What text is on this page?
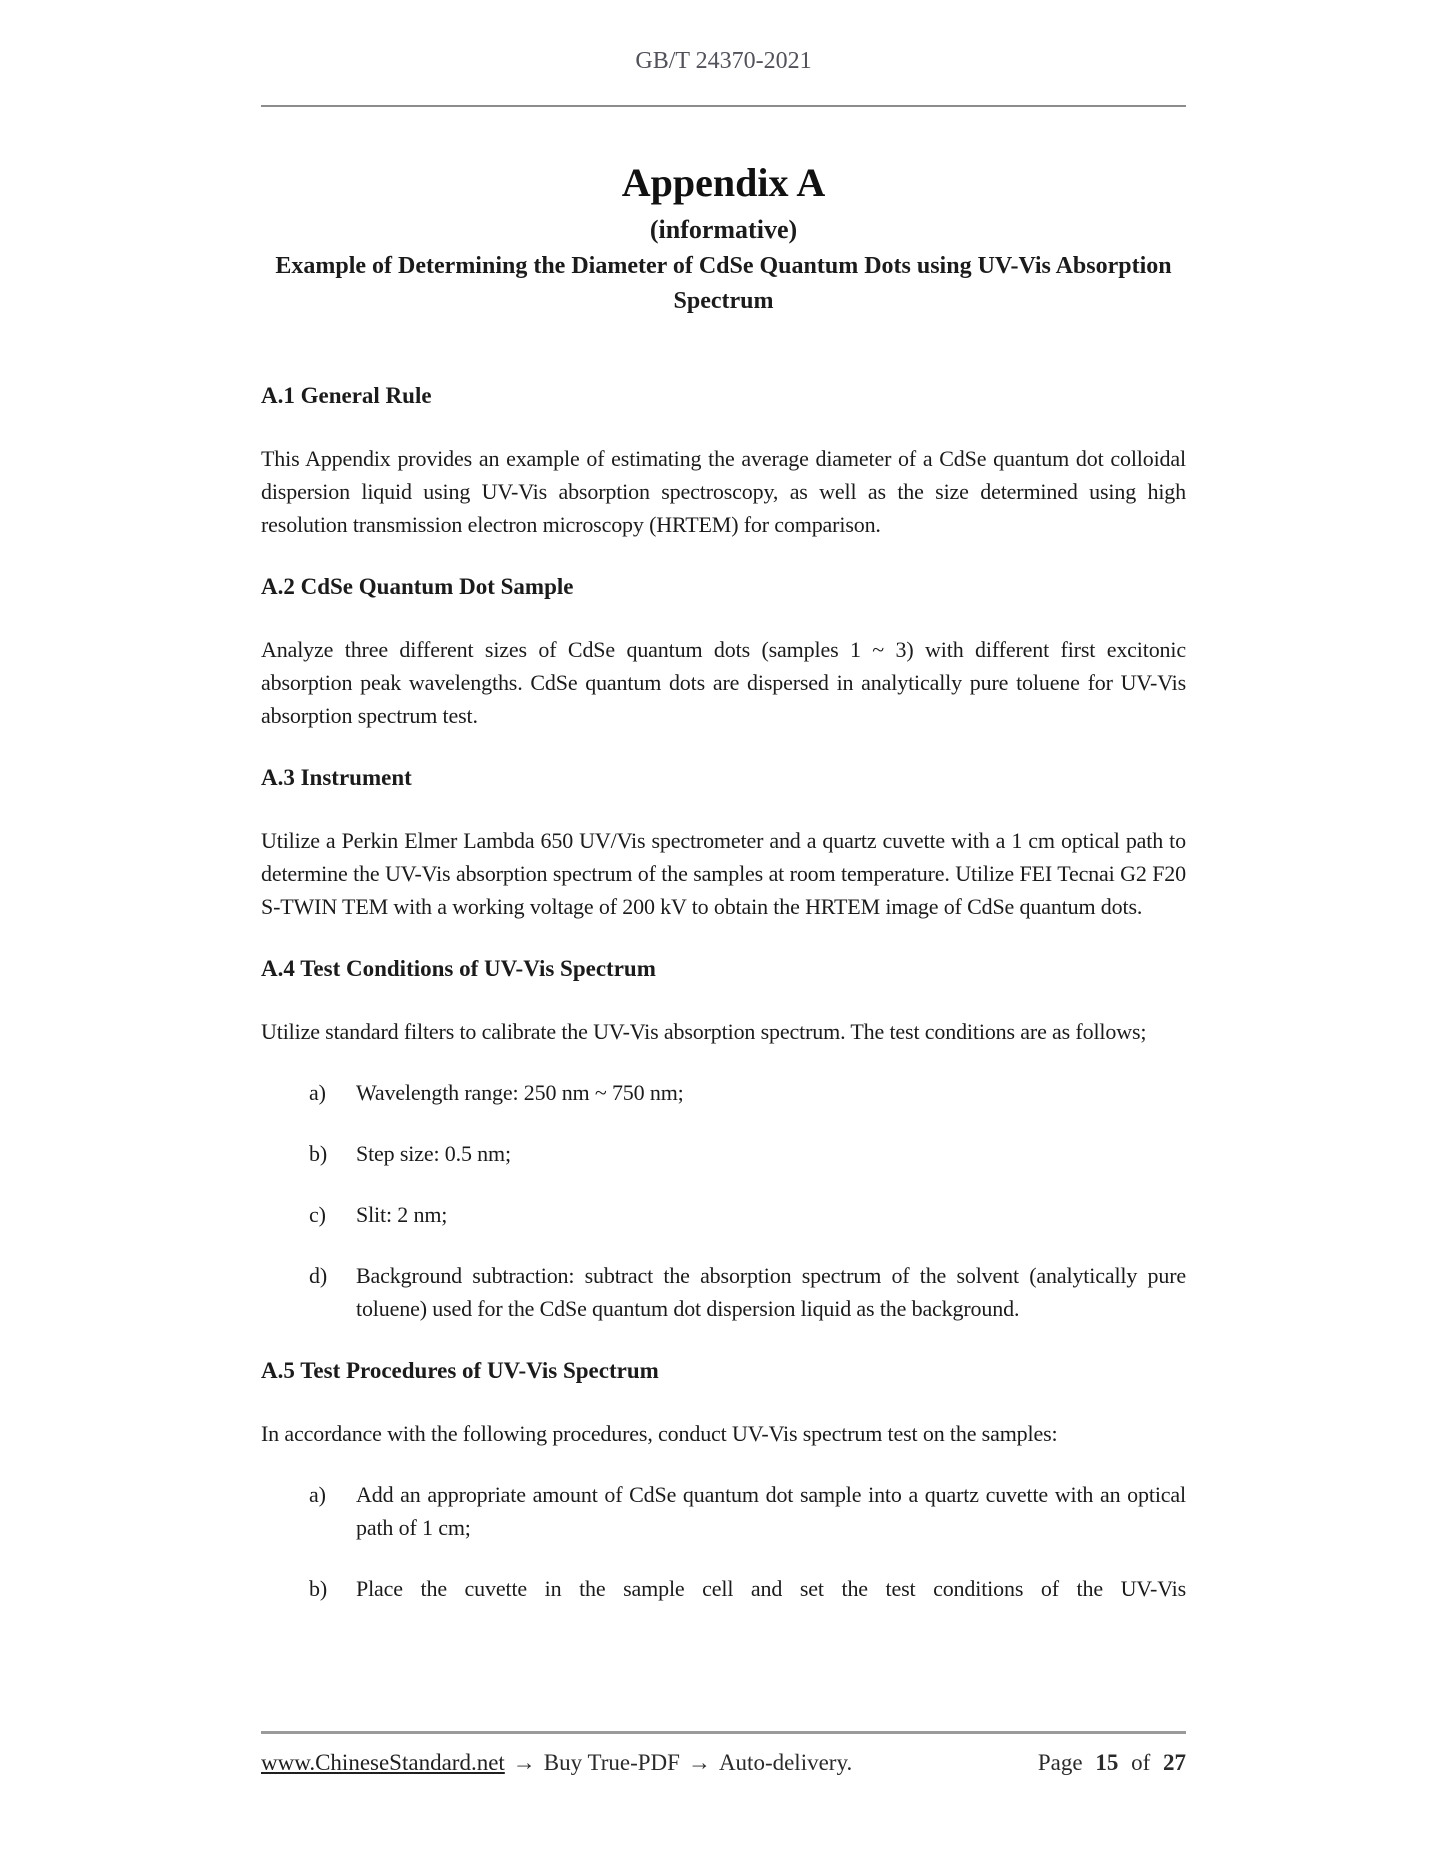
GB/T 24370-2021
Appendix A
(informative)
Example of Determining the Diameter of CdSe Quantum Dots using UV-Vis Absorption
Spectrum
A.1 General Rule
This Appendix provides an example of estimating the average diameter of a CdSe quantum dot colloidal dispersion liquid using UV-Vis absorption spectroscopy, as well as the size determined using high resolution transmission electron microscopy (HRTEM) for comparison.
A.2 CdSe Quantum Dot Sample
Analyze three different sizes of CdSe quantum dots (samples 1 ~ 3) with different first excitonic absorption peak wavelengths. CdSe quantum dots are dispersed in analytically pure toluene for UV-Vis absorption spectrum test.
A.3 Instrument
Utilize a Perkin Elmer Lambda 650 UV/Vis spectrometer and a quartz cuvette with a 1 cm optical path to determine the UV-Vis absorption spectrum of the samples at room temperature. Utilize FEI Tecnai G2 F20 S-TWIN TEM with a working voltage of 200 kV to obtain the HRTEM image of CdSe quantum dots.
A.4 Test Conditions of UV-Vis Spectrum
Utilize standard filters to calibrate the UV-Vis absorption spectrum. The test conditions are as follows;
a) Wavelength range: 250 nm ~ 750 nm;
b) Step size: 0.5 nm;
c) Slit: 2 nm;
d) Background subtraction: subtract the absorption spectrum of the solvent (analytically pure toluene) used for the CdSe quantum dot dispersion liquid as the background.
A.5 Test Procedures of UV-Vis Spectrum
In accordance with the following procedures, conduct UV-Vis spectrum test on the samples:
a) Add an appropriate amount of CdSe quantum dot sample into a quartz cuvette with an optical path of 1 cm;
b) Place the cuvette in the sample cell and set the test conditions of the UV-Vis
www.ChineseStandard.net → Buy True-PDF → Auto-delivery.	Page 15 of 27
